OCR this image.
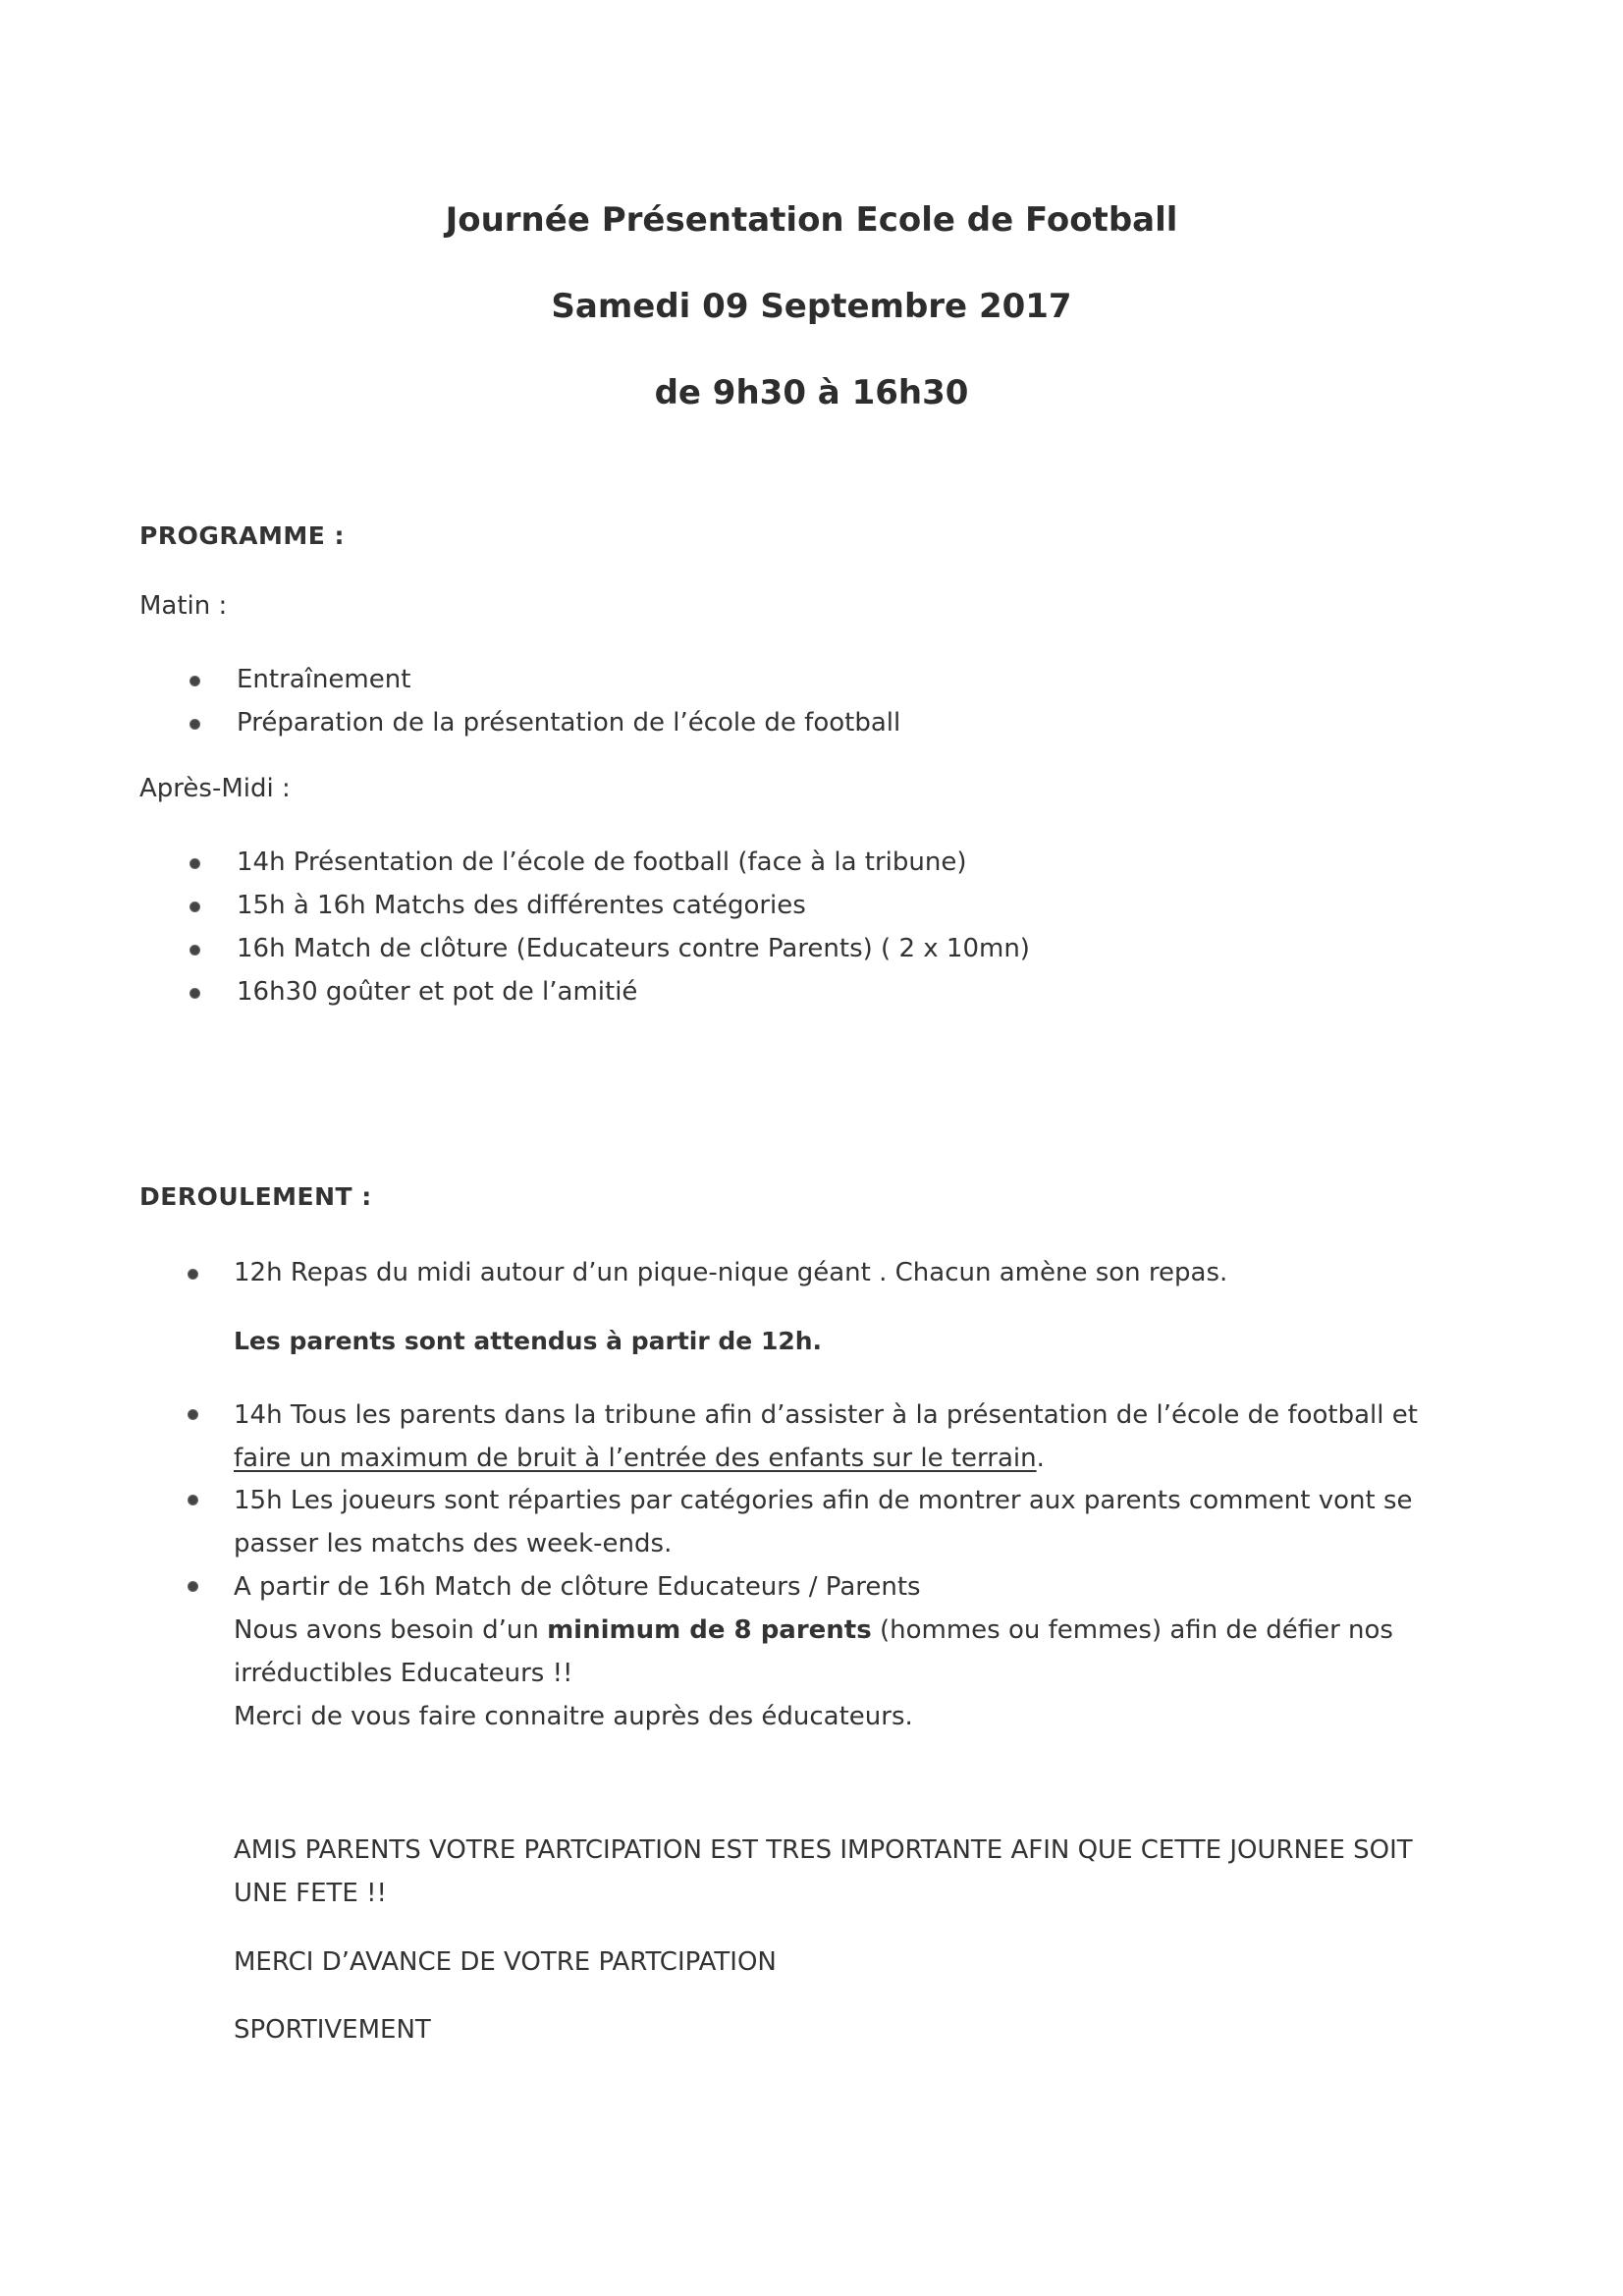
Journée Présentation Ecole de Football
Samedi 09 Septembre 2017
de 9h30 à 16h30
PROGRAMME :
Matin :
Entraînement
Préparation de la présentation de l’école de football
Après-Midi :
14h Présentation de l’école de football (face à la tribune)
15h à 16h Matchs des différentes catégories
16h Match de clôture (Educateurs contre Parents) ( 2 x 10mn)
16h30 goûter et pot de l’amitié
DEROULEMENT :
12h Repas du midi autour d’un pique-nique géant . Chacun amène son repas.
Les parents sont attendus à partir de 12h.
14h Tous les parents dans la tribune afin d’assister à la présentation de l’école de football et
faire un maximum de bruit à l’entrée des enfants sur le terrain.
15h Les joueurs sont réparties par catégories afin de montrer aux parents comment vont se
passer les matchs des week-ends.
A partir de 16h Match de clôture Educateurs / Parents
Nous avons besoin d’un minimum de 8 parents (hommes ou femmes) afin de défier nos
irréductibles Educateurs !!
Merci de vous faire connaitre auprès des éducateurs.
AMIS PARENTS VOTRE PARTCIPATION EST TRES IMPORTANTE AFIN QUE CETTE JOURNEE SOIT
UNE FETE !!
MERCI D’AVANCE DE VOTRE PARTCIPATION
SPORTIVEMENT
